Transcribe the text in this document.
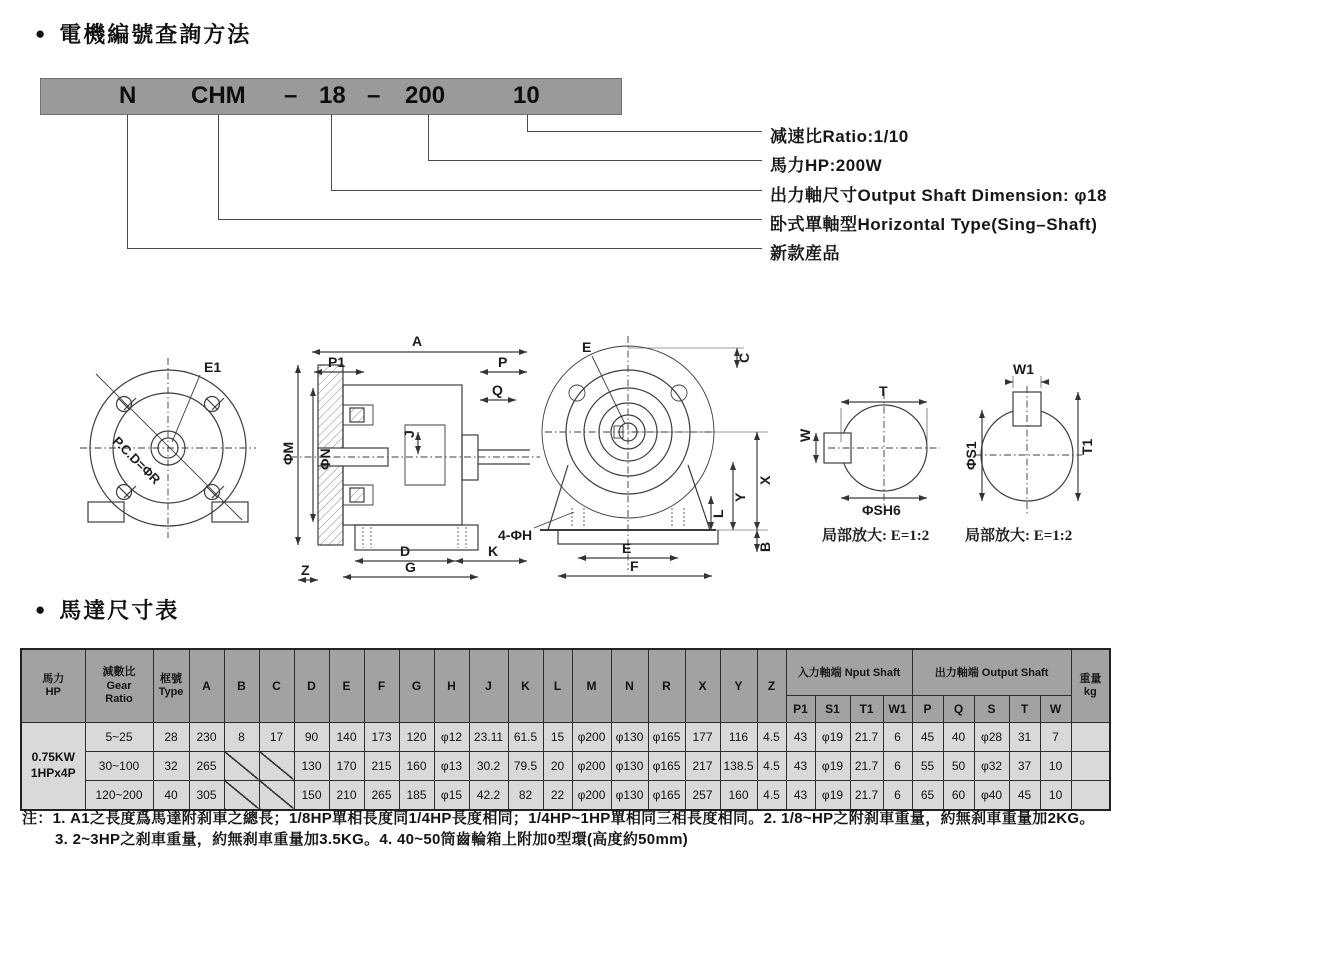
● 電機編號查詢方法
N CHM – 18 – 200	10
减速比Ratio:1/10
馬力HP:200W
出力軸尺寸Output Shaft Dimension: φ18
卧式單軸型Horizontal Type(Sing–Shaft)
新款産品
E1
P.C.D=ΦR
A
P1	P
Q
ΦM ΦN
J
D	K
G
Z
E
C
X
Y
L
B
E
F
4-ΦH
T
W
ΦSH6
局部放大: E=1:2
W1
ΦS1	T1
局部放大: E=1:2
● 馬達尺寸表
馬力
HP	減數比
Gear
Ratio	框號
Type	A	B	C	D	E	F	G	H	J	K	L	M	N	R	X	Y	Z	入力軸端 Nput Shaft				出力軸端 Output Shaft					重量
kg

																				P1	S1	T1	W1	P	Q	S	T	W	

0.75KW
1HPx4P	5~25	28	230	8	17	90	140	173	120	φ12	23.11	61.5	15	φ200	φ130	φ165	177	116	4.5	43	φ19	21.7	6	45	40	φ28	31	7	
	30~100	32	265			130	170	215	160	φ13	30.2	79.5	20	φ200	φ130	φ165	217	138.5	4.5	43	φ19	21.7	6	55	50	φ32	37	10	
	120~200	40	305			150	210	265	185	φ15	42.2	82	22	φ200	φ130	φ165	257	160	4.5	43	φ19	21.7	6	65	60	φ40	45	10	
注：1. A1之長度爲馬達附刹車之總長；1/8HP單相長度同1/4HP長度相同；1/4HP~1HP單相同三相長度相同。2. 1/8~HP之附刹車重量，約無刹車重量加2KG。
3. 2~3HP之刹車重量，約無刹車重量加3.5KG。4. 40~50筒齒輪箱上附加0型環(高度約50mm)
